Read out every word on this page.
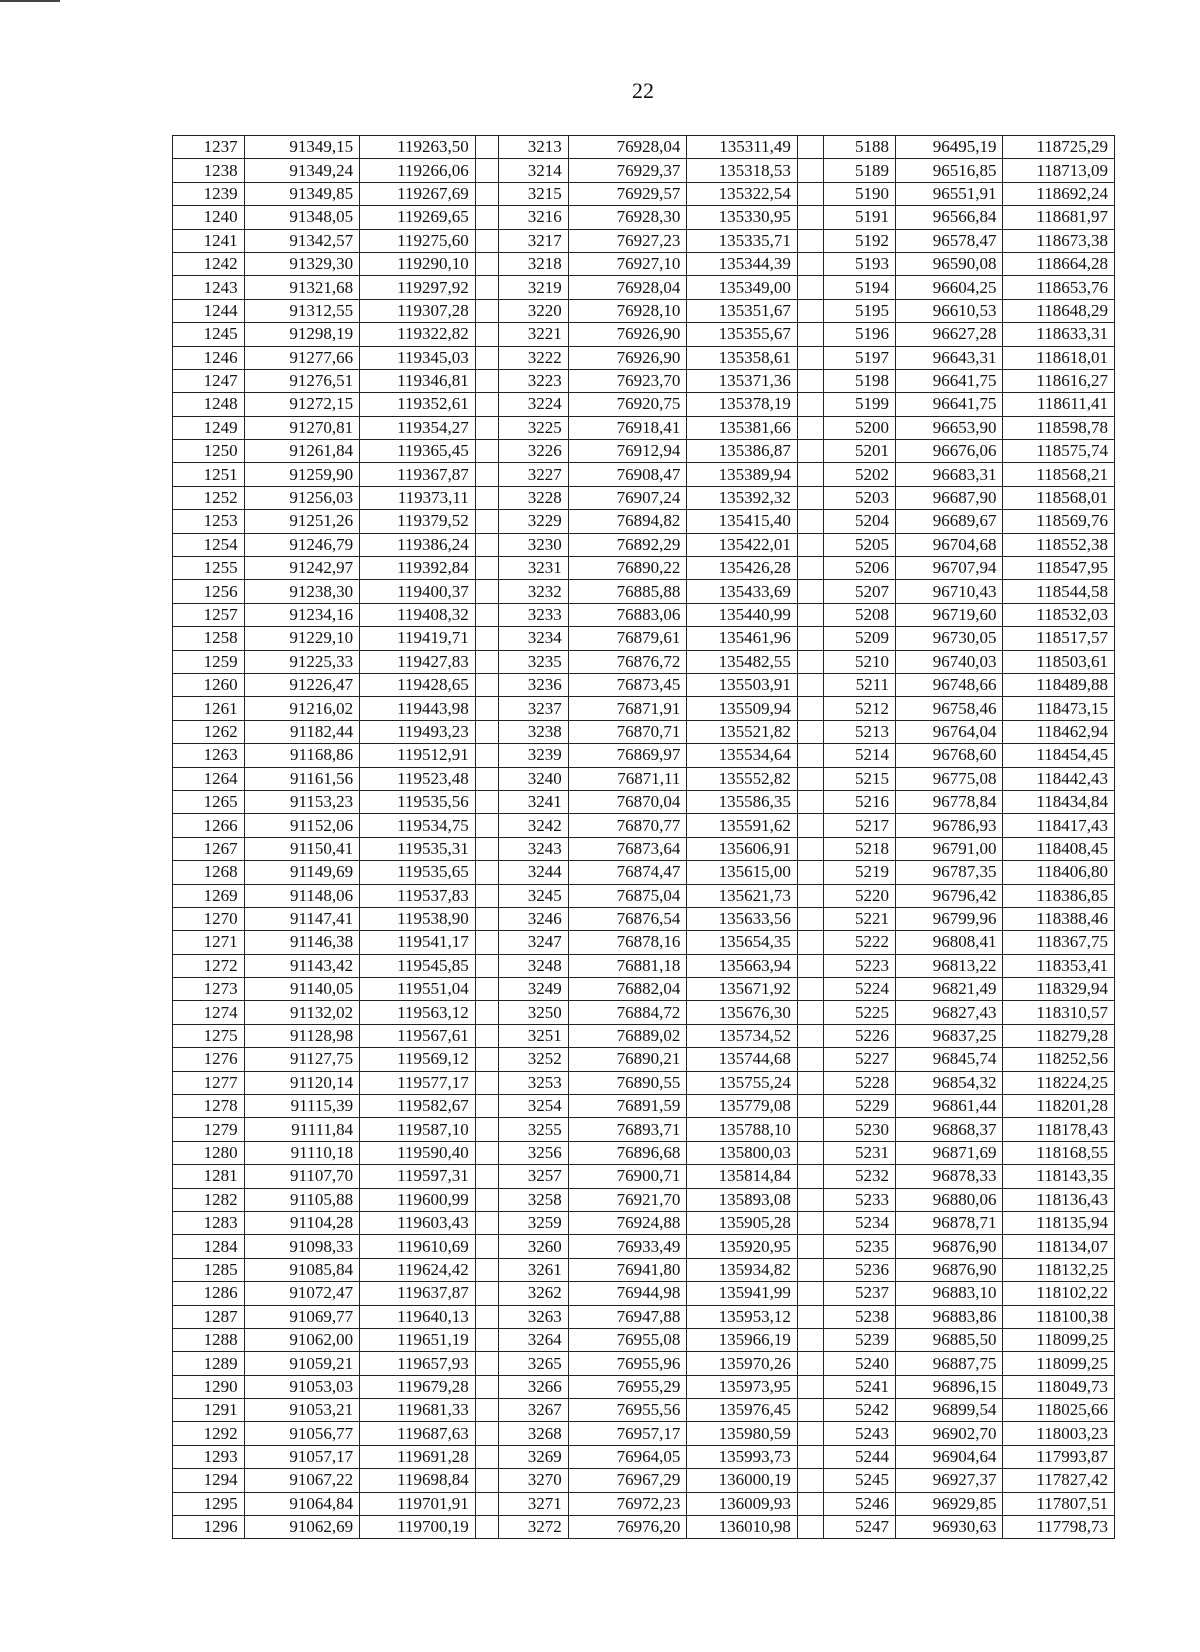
22
1237	91349,15	119263,50		3213	76928,04	135311,49		5188	96495,19	118725,29
1238	91349,24	119266,06		3214	76929,37	135318,53		5189	96516,85	118713,09
1239	91349,85	119267,69		3215	76929,57	135322,54		5190	96551,91	118692,24
1240	91348,05	119269,65		3216	76928,30	135330,95		5191	96566,84	118681,97
1241	91342,57	119275,60		3217	76927,23	135335,71		5192	96578,47	118673,38
1242	91329,30	119290,10		3218	76927,10	135344,39		5193	96590,08	118664,28
1243	91321,68	119297,92		3219	76928,04	135349,00		5194	96604,25	118653,76
1244	91312,55	119307,28		3220	76928,10	135351,67		5195	96610,53	118648,29
1245	91298,19	119322,82		3221	76926,90	135355,67		5196	96627,28	118633,31
1246	91277,66	119345,03		3222	76926,90	135358,61		5197	96643,31	118618,01
1247	91276,51	119346,81		3223	76923,70	135371,36		5198	96641,75	118616,27
1248	91272,15	119352,61		3224	76920,75	135378,19		5199	96641,75	118611,41
1249	91270,81	119354,27		3225	76918,41	135381,66		5200	96653,90	118598,78
1250	91261,84	119365,45		3226	76912,94	135386,87		5201	96676,06	118575,74
1251	91259,90	119367,87		3227	76908,47	135389,94		5202	96683,31	118568,21
1252	91256,03	119373,11		3228	76907,24	135392,32		5203	96687,90	118568,01
1253	91251,26	119379,52		3229	76894,82	135415,40		5204	96689,67	118569,76
1254	91246,79	119386,24		3230	76892,29	135422,01		5205	96704,68	118552,38
1255	91242,97	119392,84		3231	76890,22	135426,28		5206	96707,94	118547,95
1256	91238,30	119400,37		3232	76885,88	135433,69		5207	96710,43	118544,58
1257	91234,16	119408,32		3233	76883,06	135440,99		5208	96719,60	118532,03
1258	91229,10	119419,71		3234	76879,61	135461,96		5209	96730,05	118517,57
1259	91225,33	119427,83		3235	76876,72	135482,55		5210	96740,03	118503,61
1260	91226,47	119428,65		3236	76873,45	135503,91		5211	96748,66	118489,88
1261	91216,02	119443,98		3237	76871,91	135509,94		5212	96758,46	118473,15
1262	91182,44	119493,23		3238	76870,71	135521,82		5213	96764,04	118462,94
1263	91168,86	119512,91		3239	76869,97	135534,64		5214	96768,60	118454,45
1264	91161,56	119523,48		3240	76871,11	135552,82		5215	96775,08	118442,43
1265	91153,23	119535,56		3241	76870,04	135586,35		5216	96778,84	118434,84
1266	91152,06	119534,75		3242	76870,77	135591,62		5217	96786,93	118417,43
1267	91150,41	119535,31		3243	76873,64	135606,91		5218	96791,00	118408,45
1268	91149,69	119535,65		3244	76874,47	135615,00		5219	96787,35	118406,80
1269	91148,06	119537,83		3245	76875,04	135621,73		5220	96796,42	118386,85
1270	91147,41	119538,90		3246	76876,54	135633,56		5221	96799,96	118388,46
1271	91146,38	119541,17		3247	76878,16	135654,35		5222	96808,41	118367,75
1272	91143,42	119545,85		3248	76881,18	135663,94		5223	96813,22	118353,41
1273	91140,05	119551,04		3249	76882,04	135671,92		5224	96821,49	118329,94
1274	91132,02	119563,12		3250	76884,72	135676,30		5225	96827,43	118310,57
1275	91128,98	119567,61		3251	76889,02	135734,52		5226	96837,25	118279,28
1276	91127,75	119569,12		3252	76890,21	135744,68		5227	96845,74	118252,56
1277	91120,14	119577,17		3253	76890,55	135755,24		5228	96854,32	118224,25
1278	91115,39	119582,67		3254	76891,59	135779,08		5229	96861,44	118201,28
1279	91111,84	119587,10		3255	76893,71	135788,10		5230	96868,37	118178,43
1280	91110,18	119590,40		3256	76896,68	135800,03		5231	96871,69	118168,55
1281	91107,70	119597,31		3257	76900,71	135814,84		5232	96878,33	118143,35
1282	91105,88	119600,99		3258	76921,70	135893,08		5233	96880,06	118136,43
1283	91104,28	119603,43		3259	76924,88	135905,28		5234	96878,71	118135,94
1284	91098,33	119610,69		3260	76933,49	135920,95		5235	96876,90	118134,07
1285	91085,84	119624,42		3261	76941,80	135934,82		5236	96876,90	118132,25
1286	91072,47	119637,87		3262	76944,98	135941,99		5237	96883,10	118102,22
1287	91069,77	119640,13		3263	76947,88	135953,12		5238	96883,86	118100,38
1288	91062,00	119651,19		3264	76955,08	135966,19		5239	96885,50	118099,25
1289	91059,21	119657,93		3265	76955,96	135970,26		5240	96887,75	118099,25
1290	91053,03	119679,28		3266	76955,29	135973,95		5241	96896,15	118049,73
1291	91053,21	119681,33		3267	76955,56	135976,45		5242	96899,54	118025,66
1292	91056,77	119687,63		3268	76957,17	135980,59		5243	96902,70	118003,23
1293	91057,17	119691,28		3269	76964,05	135993,73		5244	96904,64	117993,87
1294	91067,22	119698,84		3270	76967,29	136000,19		5245	96927,37	117827,42
1295	91064,84	119701,91		3271	76972,23	136009,93		5246	96929,85	117807,51
1296	91062,69	119700,19		3272	76976,20	136010,98		5247	96930,63	117798,73
